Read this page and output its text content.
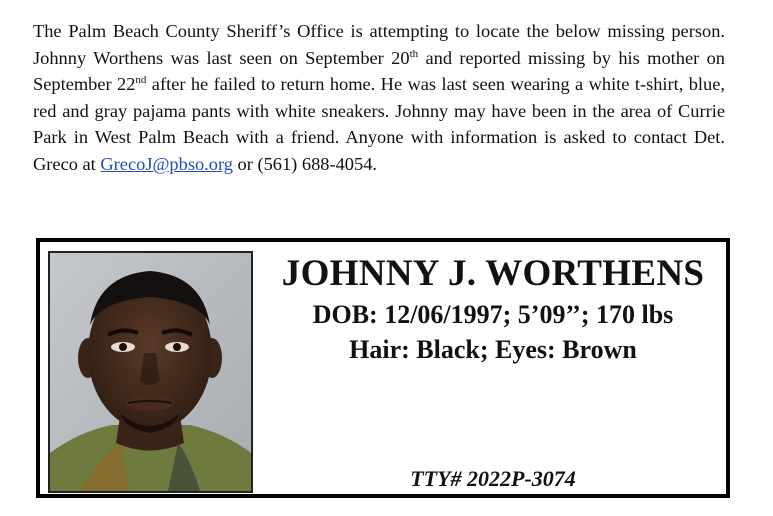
The Palm Beach County Sheriff’s Office is attempting to locate the below missing person. Johnny Worthens was last seen on September 20th and reported missing by his mother on September 22nd after he failed to return home. He was last seen wearing a white t-shirt, blue, red and gray pajama pants with white sneakers. Johnny may have been in the area of Currie Park in West Palm Beach with a friend. Anyone with information is asked to contact Det. Greco at GrecoJ@pbso.org or (561) 688-4054.

JOHNNY J. WORTHENS
DOB: 12/06/1997; 5’09’’; 170 lbs
Hair: Black; Eyes: Brown
TTY# 2022P-3074
